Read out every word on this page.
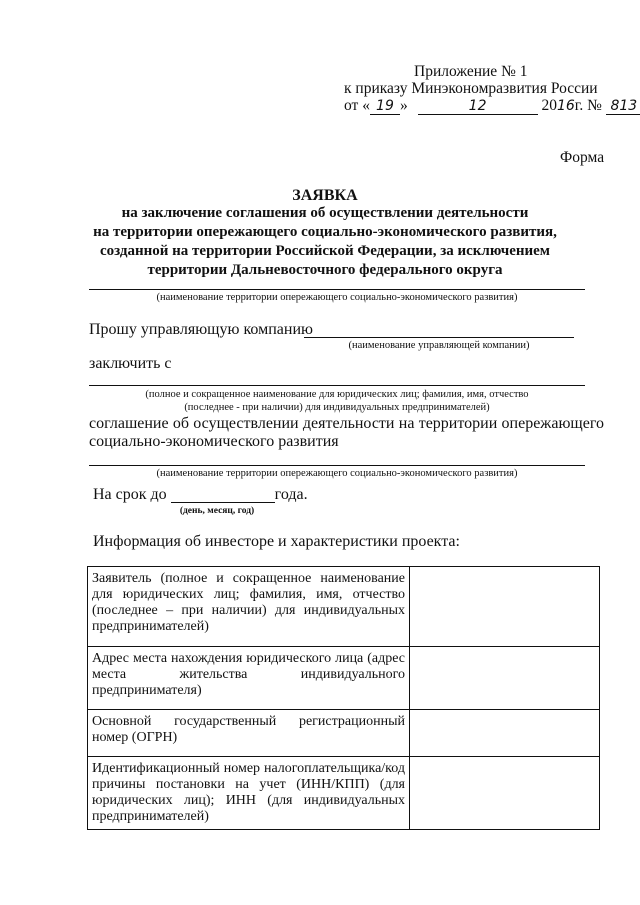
Приложение № 1
к приказу Минэкономразвития России
от « 19 »	12	2016г. № 813
Форма
ЗАЯВКА
на заключение соглашения об осуществлении деятельности
на территории опережающего социально-экономического развития,
созданной на территории Российской Федерации, за исключением
территории Дальневосточного федерального округа
(наименование территории опережающего социально-экономического развития)
Прошу управляющую компанию
(наименование управляющей компании)
заключить с
(полное и сокращенное наименование для юридических лиц; фамилия, имя, отчество
(последнее - при наличии) для индивидуальных предпринимателей)
соглашение об осуществлении деятельности на территории опережающего
социально-экономического развития
(наименование территории опережающего социально-экономического развития)
На срок до	года.
(день, месяц, год)
Информация об инвесторе и характеристики проекта:
Заявитель (полное и сокращенное наименование для юридических лиц; фамилия, имя, отчество (последнее – при наличии) для индивидуальных предпринимателей)	
Адрес места нахождения юридического лица (адрес места жительства индивидуального предпринимателя)	
Основной государственный регистрационный номер (ОГРН)	
Идентификационный номер налогоплательщика/код причины постановки на учет (ИНН/КПП) (для юридических лиц); ИНН (для индивидуальных предпринимателей)	
